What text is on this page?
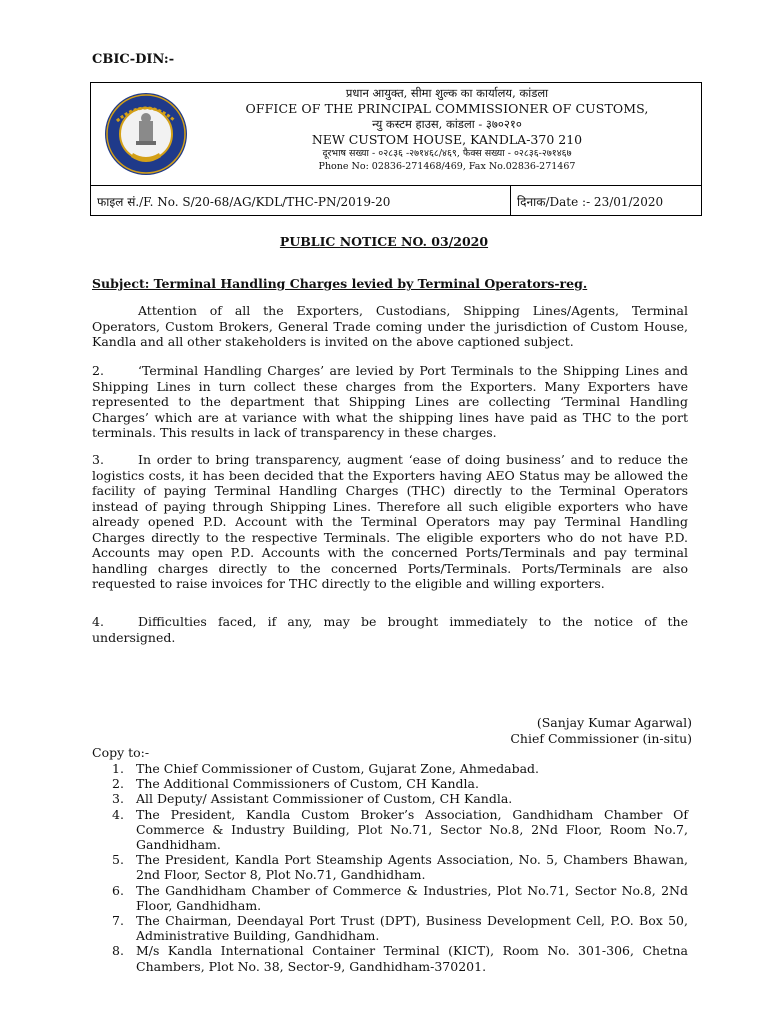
CBIC-DIN:-
प्रधान आयुक्त, सीमा शुल्क का कार्यालय, कांडला
OFFICE OF THE PRINCIPAL COMMISSIONER OF CUSTOMS,
न्यु कस्टम हाउस, कांडला - ३७०२१०
NEW CUSTOM HOUSE, KANDLA-370 210
दूरभाष सख्या - ०२८३६ -२७१४६८/४६९, फैक्स सख्या - ०२८३६-२७१४६७
Phone No: 02836-271468/469, Fax No.02836-271467
फाइल सं./F. No. S/20-68/AG/KDL/THC-PN/2019-20	दिनाक/Date :- 23/01/2020
PUBLIC NOTICE NO. 03/2020
Subject: Terminal Handling Charges levied by Terminal Operators-reg.
Attention of all the Exporters, Custodians, Shipping Lines/Agents, Terminal Operators, Custom Brokers, General Trade coming under the jurisdiction of Custom House, Kandla and all other stakeholders is invited on the above captioned subject.
2.	‘Terminal Handling Charges’ are levied by Port Terminals to the Shipping Lines and Shipping Lines in turn collect these charges from the Exporters. Many Exporters have represented to the department that Shipping Lines are collecting ‘Terminal Handling Charges’ which are at variance with what the shipping lines have paid as THC to the port terminals. This results in lack of transparency in these charges.
3.	In order to bring transparency, augment ‘ease of doing business’ and to reduce the logistics costs, it has been decided that the Exporters having AEO Status may be allowed the facility of paying Terminal Handling Charges (THC) directly to the Terminal Operators instead of paying through Shipping Lines. Therefore all such eligible exporters who have already opened P.D. Account with the Terminal Operators may pay Terminal Handling Charges directly to the respective Terminals. The eligible exporters who do not have P.D. Accounts may open P.D. Accounts with the concerned Ports/Terminals and pay terminal handling charges directly to the concerned Ports/Terminals. Ports/Terminals are also requested to raise invoices for THC directly to the eligible and willing exporters.
4.	Difficulties faced, if any, may be brought immediately to the notice of the undersigned.
(Sanjay Kumar Agarwal)
Chief Commissioner (in-situ)
Copy to:-
1. The Chief Commissioner of Custom, Gujarat Zone, Ahmedabad.
2. The Additional Commissioners of Custom, CH Kandla.
3. All Deputy/ Assistant Commissioner of Custom, CH Kandla.
4. The President, Kandla Custom Broker’s Association, Gandhidham Chamber Of Commerce & Industry Building, Plot No.71, Sector No.8, 2Nd Floor, Room No.7, Gandhidham.
5. The President, Kandla Port Steamship Agents Association, No. 5, Chambers Bhawan, 2nd Floor, Sector 8, Plot No.71, Gandhidham.
6. The Gandhidham Chamber of Commerce & Industries, Plot No.71, Sector No.8, 2Nd Floor, Gandhidham.
7. The Chairman, Deendayal Port Trust (DPT), Business Development Cell, P.O. Box 50, Administrative Building, Gandhidham.
8. M/s Kandla International Container Terminal (KICT), Room No. 301-306, Chetna Chambers, Plot No. 38, Sector-9, Gandhidham-370201.
